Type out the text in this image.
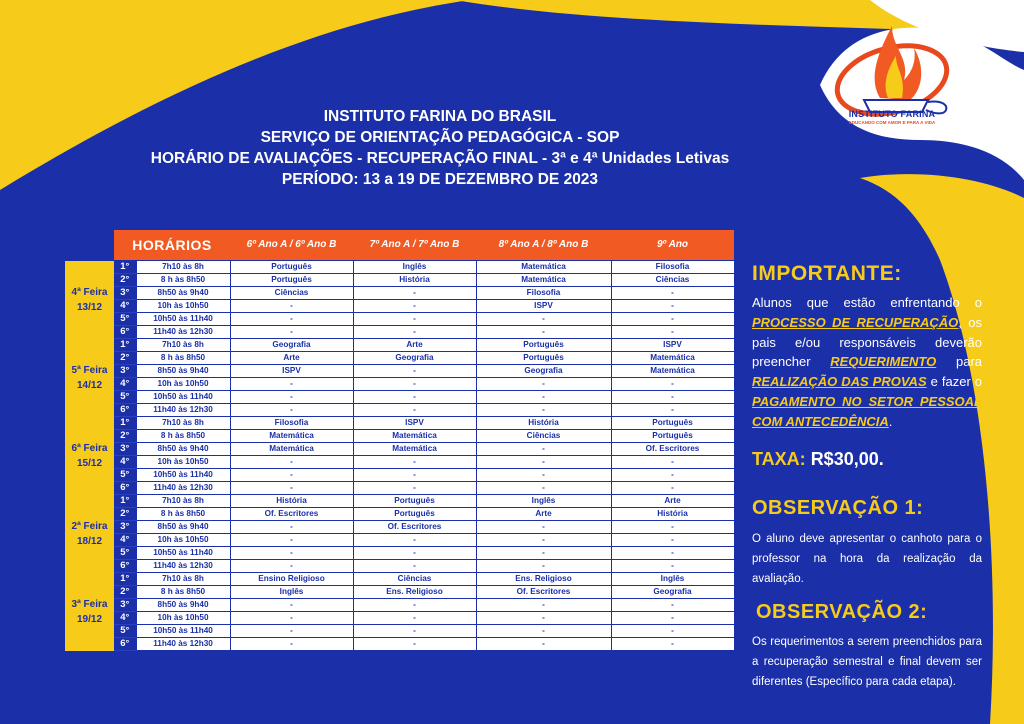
INSTITUTO FARINA DO BRASIL
SERVIÇO DE ORIENTAÇÃO PEDAGÓGICA - SOP
HORÁRIO DE AVALIAÇÕES - RECUPERAÇÃO FINAL - 3ª e 4ª Unidades Letivas
PERÍODO: 13 a 19 DE DEZEMBRO DE 2023
INSTITUTO FARINA
EDUCANDO COM AMOR E PARA A VIDA
	HORÁRIOS		6º Ano A / 6º Ano B	7º Ano A / 7º Ano B	8º Ano A / 8º Ano B	9º Ano

4ª Feira
13/12	1°	7h10 às 8h	Português	Inglês	Matemática	Filosofia
	2°	8 h às 8h50	Português	História	Matemática	Ciências
	3°	8h50 às 9h40	Ciências	-	Filosofia	-
	4°	10h às 10h50	-	-	ISPV	-
	5°	10h50 às 11h40	-	-	-	-
	6°	11h40 às 12h30	-	-	-	-

5ª Feira
14/12	1°	7h10 às 8h	Geografia	Arte	Português	ISPV
	2°	8 h às 8h50	Arte	Geografia	Português	Matemática
	3°	8h50 às 9h40	ISPV	-	Geografia	Matemática
	4°	10h às 10h50	-	-	-	-
	5°	10h50 às 11h40	-	-	-	-
	6°	11h40 às 12h30	-	-	-	-

6ª Feira
15/12	1°	7h10 às 8h	Filosofia	ISPV	História	Português
	2°	8 h às 8h50	Matemática	Matemática	Ciências	Português
	3°	8h50 às 9h40	Matemática	Matemática	-	Of. Escritores
	4°	10h às 10h50	-	-	-	-
	5°	10h50 às 11h40	-	-	-	-
	6°	11h40 às 12h30	-	-	-	-

2ª Feira
18/12	1°	7h10 às 8h	História	Português	Inglês	Arte
	2°	8 h às 8h50	Of. Escritores	Português	Arte	História
	3°	8h50 às 9h40	-	Of. Escritores	-	-
	4°	10h às 10h50	-	-	-	-
	5°	10h50 às 11h40	-	-	-	-
	6°	11h40 às 12h30	-	-	-	-

3ª Feira
19/12	1°	7h10 às 8h	Ensino Religioso	Ciências	Ens. Religioso	Inglês
	2°	8 h às 8h50	Inglês	Ens. Religioso	Of. Escritores	Geografia
	3°	8h50 às 9h40	-	-	-	-
	4°	10h às 10h50	-	-	-	-
	5°	10h50 às 11h40	-	-	-	-
	6°	11h40 às 12h30	-	-	-	-
IMPORTANTE:
Alunos que estão enfrentando o PROCESSO DE RECUPERAÇÃO, os pais e/ou responsáveis deverão preencher REQUERIMENTO para REALIZAÇÃO DAS PROVAS e fazer o PAGAMENTO NO SETOR PESSOAL COM ANTECEDÊNCIA.
TAXA: R$30,00.
OBSERVAÇÃO 1:
O aluno deve apresentar o canhoto para o professor na hora da realização da avaliação.
OBSERVAÇÃO 2:
Os requerimentos a serem preenchidos para a recuperação semestral e final devem ser diferentes (Específico para cada etapa).
